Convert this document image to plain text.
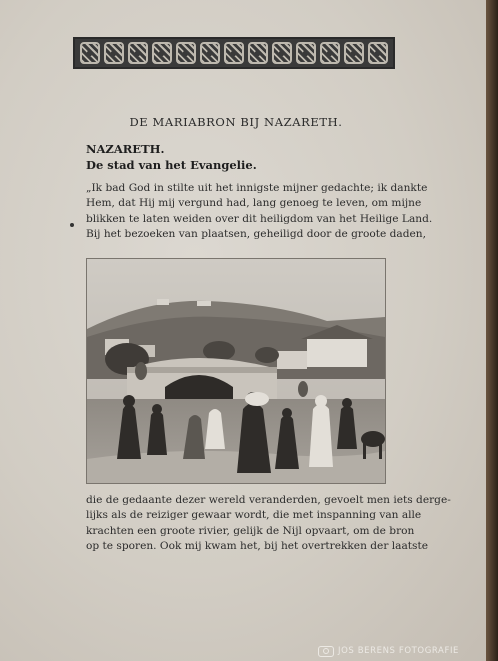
DE MARIABRON BIJ NAZARETH.
NAZARETH.
De stad van het Evangelie.

„Ik bad God in stilte uit het innigste mijner gedachte; ik dankte
Hem, dat Hij mij vergund had, lang genoeg te leven, om mijne
blikken te laten weiden over dit heiligdom van het Heilige Land.
Bij het bezoeken van plaatsen, geheiligd door de groote daden,

die de gedaante dezer wereld veranderden, gevoelt men iets derge-
lijks als de reiziger gewaar wordt, die met inspanning van alle
krachten een groote rivier, gelijk de Nijl opvaart, om de bron
op te sporen. Ook mij kwam het, bij het overtrekken der laatste

JOS BERENS FOTOGRAFIE
